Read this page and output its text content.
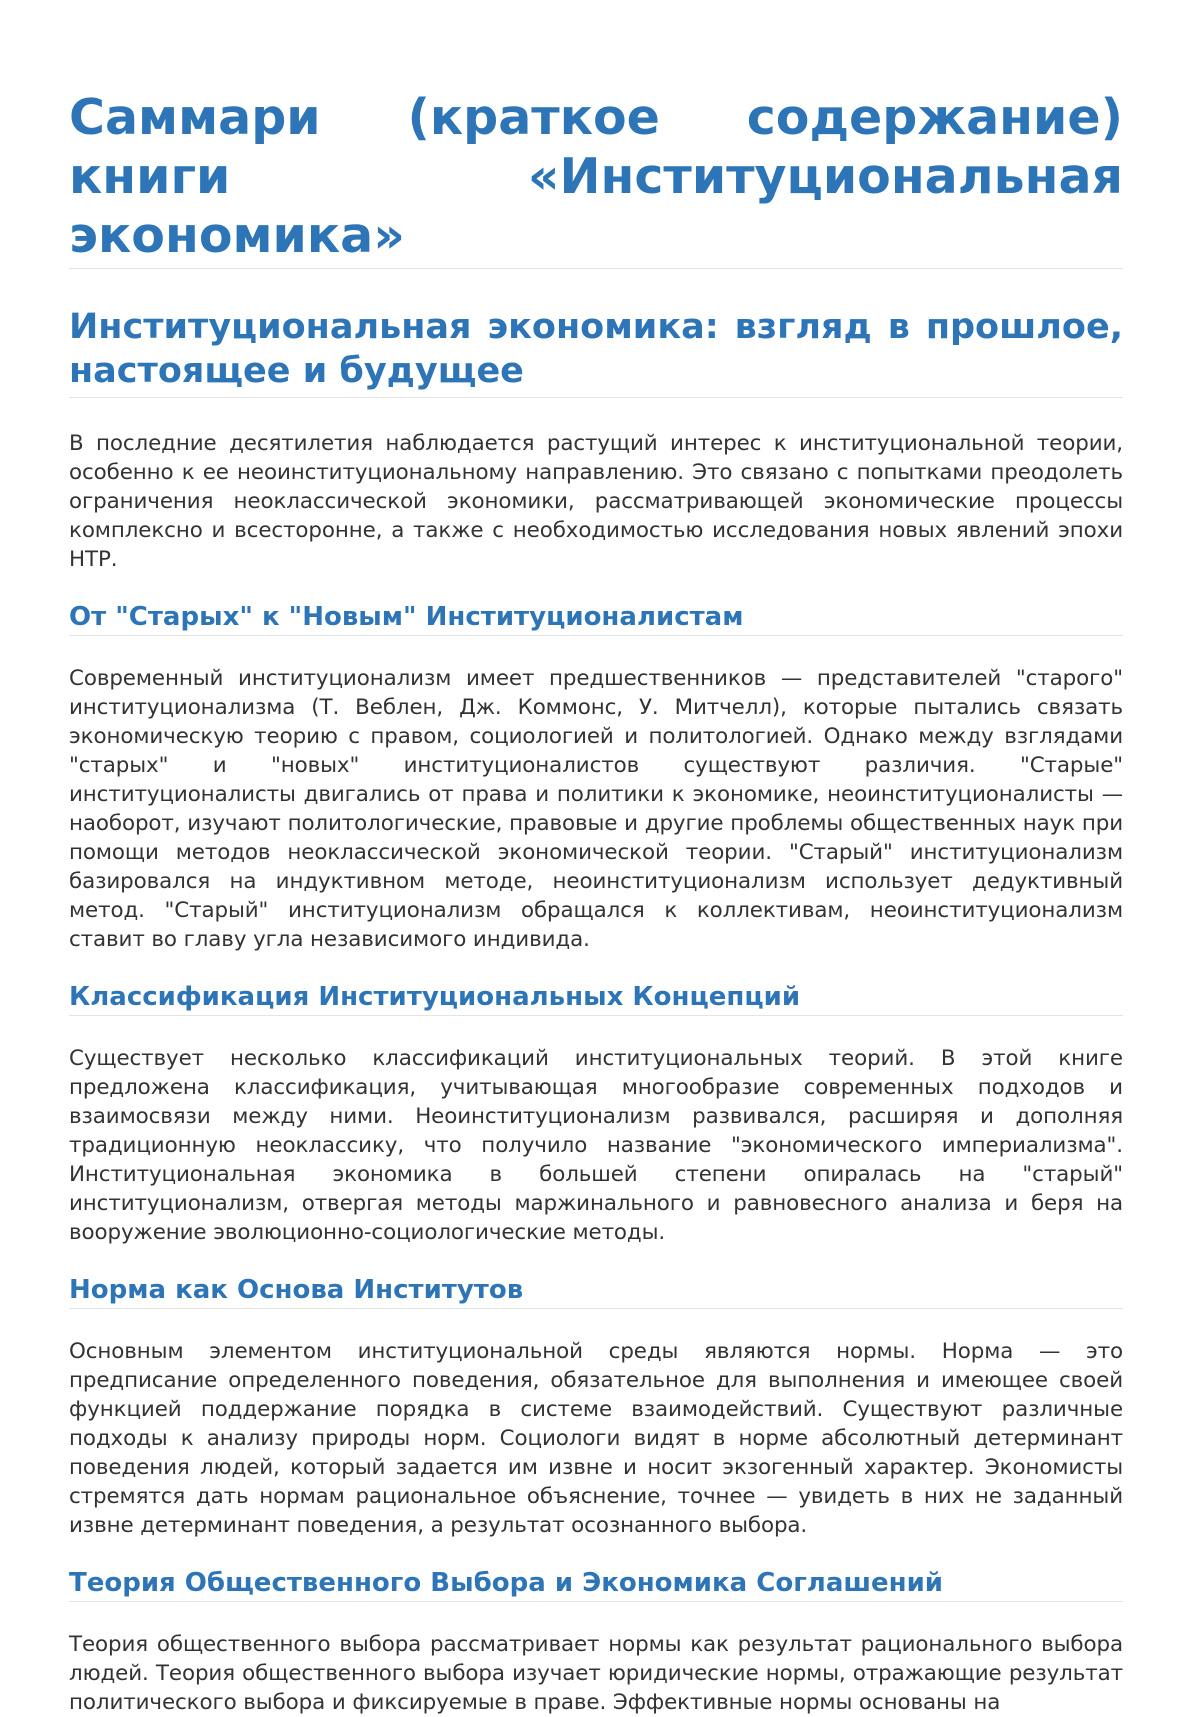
Саммари (краткое содержание) книги «Институциональная экономика»
Институциональная экономика: взгляд в прошлое, настоящее и будущее

В последние десятилетия наблюдается растущий интерес к институциональной теории, особенно к ее неоинституциональному направлению. Это связано с попытками преодолеть ограничения неоклассической экономики, рассматривающей экономические процессы комплексно и всесторонне, а также с необходимостью исследования новых явлений эпохи НТР.

От "Старых" к "Новым" Институционалистам

Современный институционализм имеет предшественников — представителей "старого" институционализма (Т. Веблен, Дж. Коммонс, У. Митчелл), которые пытались связать экономическую теорию с правом, социологией и политологией. Однако между взглядами "старых" и "новых" институционалистов существуют различия. "Старые" институционалисты двигались от права и политики к экономике, неоинституционалисты — наоборот, изучают политологические, правовые и другие проблемы общественных наук при помощи методов неоклассической экономической теории. "Старый" институционализм базировался на индуктивном методе, неоинституционализм использует дедуктивный метод. "Старый" институционализм обращался к коллективам, неоинституционализм ставит во главу угла независимого индивида.

Классификация Институциональных Концепций

Существует несколько классификаций институциональных теорий. В этой книге предложена классификация, учитывающая многообразие современных подходов и взаимосвязи между ними. Неоинституционализм развивался, расширяя и дополняя традиционную неоклассику, что получило название "экономического империализма". Институциональная экономика в большей степени опиралась на "старый" институционализм, отвергая методы маржинального и равновесного анализа и беря на вооружение эволюционно-социологические методы.

Норма как Основа Институтов

Основным элементом институциональной среды являются нормы. Норма — это предписание определенного поведения, обязательное для выполнения и имеющее своей функцией поддержание порядка в системе взаимодействий. Существуют различные подходы к анализу природы норм. Социологи видят в норме абсолютный детерминант поведения людей, который задается им извне и носит экзогенный характер. Экономисты стремятся дать нормам рациональное объяснение, точнее — увидеть в них не заданный извне детерминант поведения, а результат осознанного выбора.

Теория Общественного Выбора и Экономика Соглашений

Теория общественного выбора рассматривает нормы как результат рационального выбора людей. Теория общественного выбора изучает юридические нормы, отражающие результат политического выбора и фиксируемые в праве. Эффективные нормы основаны на
